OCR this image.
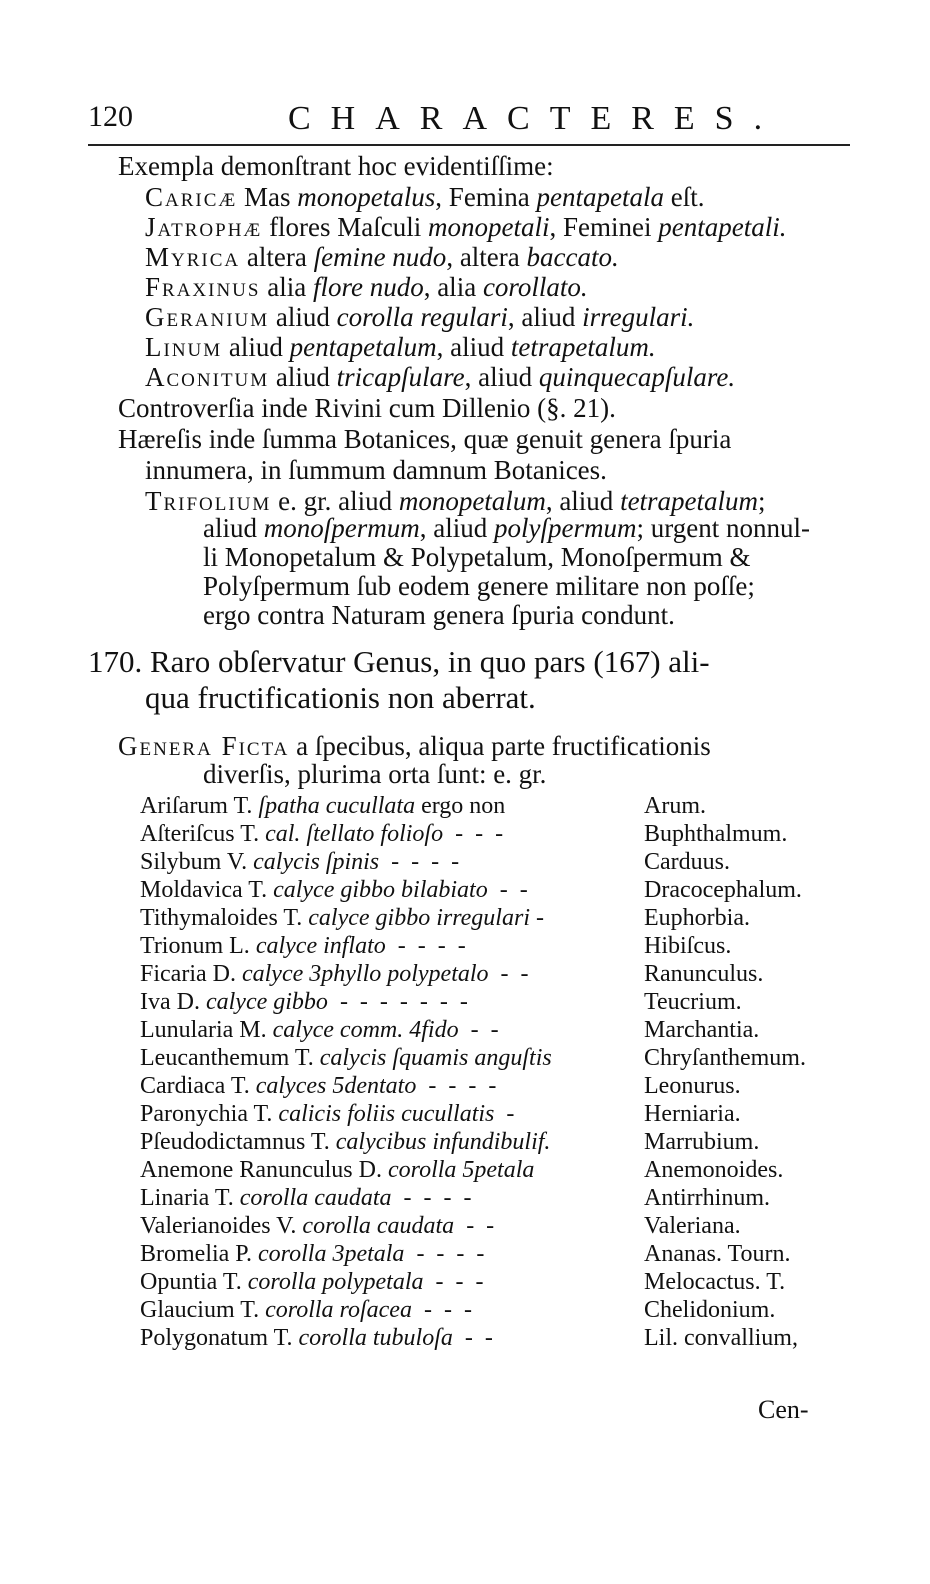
120	CHARACTERES.
Exempla demonſtrant hoc evidentiſſime:
Caricæ Mas monopetalus, Femina pentapetala eſt.
Jatrophæ flores Maſculi monopetali, Feminei pentapetali.
Myrica altera ſemine nudo, altera baccato.
Fraxinus alia flore nudo, alia corollato.
Geranium aliud corolla regulari, aliud irregulari.
Linum aliud pentapetalum, aliud tetrapetalum.
Aconitum aliud tricapſulare, aliud quinquecapſulare.
Controverſia inde Rivini cum Dillenio (§. 21).
Hæreſis inde ſumma Botanices, quæ genuit genera ſpuria
innumera, in ſummum damnum Botanices.
Trifolium e. gr. aliud monopetalum, aliud tetrapetalum;
aliud monoſpermum, aliud polyſpermum; urgent nonnul-
li Monopetalum & Polypetalum, Monoſpermum &
Polyſpermum ſub eodem genere militare non poſſe;
ergo contra Naturam genera ſpuria condunt.
170. Raro obſervatur Genus, in quo pars (167) ali-
qua fructificationis non aberrat.
Genera Ficta a ſpecibus, aliqua parte fructificationis
diverſis, plurima orta ſunt: e. gr.
Ariſarum T. ſpatha cucullata ergo non	Arum.
Aſteriſcus T. cal. ſtellato folioſo  -  -  -	Buphthalmum.
Silybum V. calycis ſpinis  -  -  -  -	Carduus.
Moldavica T. calyce gibbo bilabiato  -  -	Dracocephalum.
Tithymaloides T. calyce gibbo irregulari -	Euphorbia.
Trionum L. calyce inflato  -  -  -  -	Hibiſcus.
Ficaria D. calyce 3phyllo polypetalo  -  -	Ranunculus.
Iva D. calyce gibbo  -  -  -  -  -  -  -	Teucrium.
Lunularia M. calyce comm. 4fido  -  -	Marchantia.
Leucanthemum T. calycis ſquamis anguſtis	Chryſanthemum.
Cardiaca T. calyces 5dentato  -  -  -  -	Leonurus.
Paronychia T. calicis foliis cucullatis  -	Herniaria.
Pſeudodictamnus T. calycibus infundibulif.	Marrubium.
Anemone Ranunculus D. corolla 5petala	Anemonoides.
Linaria T. corolla caudata  -  -  -  -	Antirrhinum.
Valerianoides V. corolla caudata  -  -	Valeriana.
Bromelia P. corolla 3petala  -  -  -  -	Ananas. Tourn.
Opuntia T. corolla polypetala  -  -  -	Melocactus. T.
Glaucium T. corolla roſacea  -  -  -	Chelidonium.
Polygonatum T. corolla tubuloſa  -  -	Lil. convallium,
Cen-
